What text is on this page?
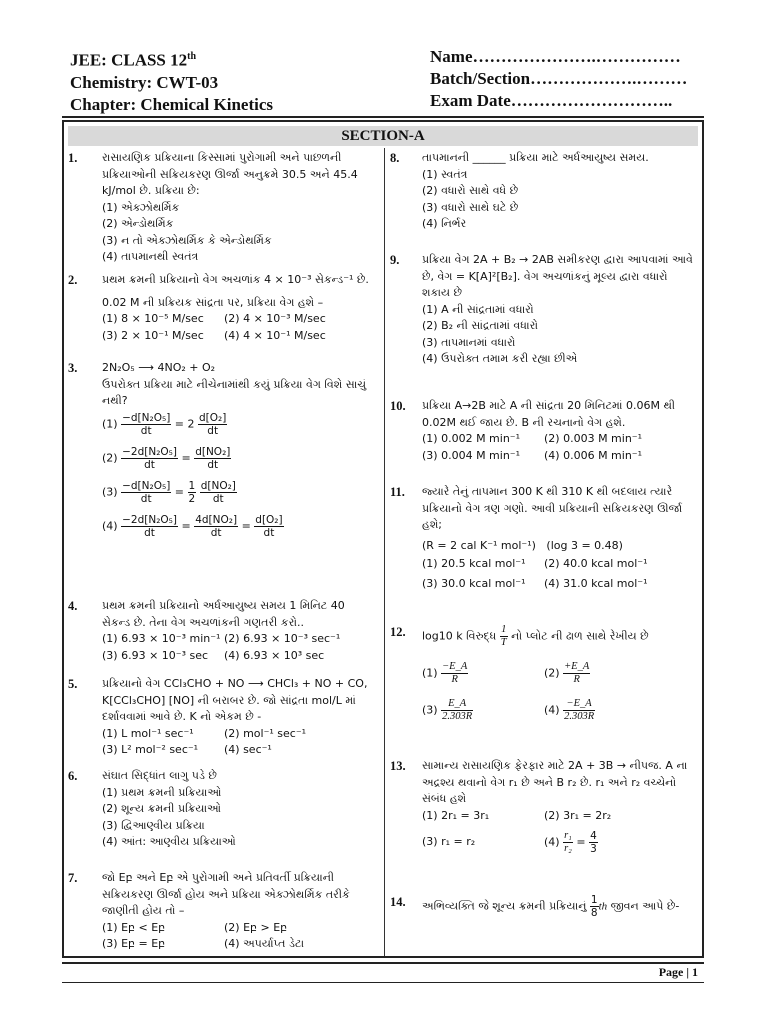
JEE: CLASS 12th
Chemistry: CWT-03
Chapter: Chemical Kinetics
Name………………….……………
Batch/Section……………….………
Exam Date………………………..
SECTION-A
1. રાસાયણિક પ્રક્રિયાના કિસ્સામાં પુરોગામી અને પાછળની પ્રક્રિયાઓની સક્રિયકરણ ઊર્જા અનુક્રમે 30.5 અને 45.4 kJ/mol છે. પ્રક્રિયા છે:
(1) એક્ઝોથર્મિક
(2) એન્ડોથર્મિક
(3) ન તો એક્ઝોથર્મિક કે એન્ડોથર્મિક
(4) તાપમાનથી સ્વતંત્ર
2. પ્રથમ ક્રમની પ્રક્રિયાનો વેગ અચળાંક 4 × 10⁻³ સેકન્ડ⁻¹ છે.
0.02 M ની પ્રક્રિયક સાંદ્રતા પર, પ્રક્રિયા વેગ હશે –
(1) 8 × 10⁻⁵ M/sec	(2) 4 × 10⁻³ M/sec
(3) 2 × 10⁻¹ M/sec	(4) 4 × 10⁻¹ M/sec
3. 2N₂O₅ ⟶ 4NO₂ + O₂
ઉપરોક્ત પ્રક્રિયા માટે નીચેનામાંથી કયું પ્રક્રિયા વેગ વિશે સાચું નથી?
$(1) \frac{\text{−d[N₂O₅]}}{dt} = 2 \frac{\text{d[O₂]}}{dt}$
$(2) \frac{\text{−2d[N₂O₅]}}{dt} = \frac{\text{d[NO₂]}}{dt}$
$(3) \frac{\text{−d[N₂O₅]}}{dt} = \frac{1}{2}$
$\frac{\text{d[NO₂]}}{dt}$
$(4) \frac{\text{−2d[N₂O₅]}}{dt} = \frac{\text{4d[NO₂]}}{dt} = \frac{\text{d[O₂]}}{dt}$
4. પ્રથમ ક્રમની પ્રક્રિયાનો અર્ધઆયુષ્ય સમય 1 મિનિટ 40 સેકન્ડ છે. તેના વેગ અચળાંકની ગણતરી કરો..
(1) 6.93 × 10⁻³ min⁻¹ (2) 6.93 × 10⁻³ sec⁻¹
(3) 6.93 × 10⁻³ sec	(4) 6.93 × 10³ sec
5. પ્રક્રિયાનો વેગ CCl₃CHO + NO ⟶ CHCl₃ + NO + CO, K[CCl₃CHO] [NO] ની બરાબર છે. જો સાંદ્રતા mol/L માં દર્શાવવામાં આવે છે. K નો એકમ છે -
(1) L mol⁻¹ sec⁻¹	(2) mol⁻¹ sec⁻¹
(3) L² mol⁻² sec⁻¹	(4) sec⁻¹
6. સંઘાત સિદ્ધાંત લાગુ પડે છે
(1) પ્રથમ ક્રમની પ્રક્રિયાઓ
(2) શૂન્ય ક્રમની પ્રક્રિયાઓ
(3) દ્વિઆણ્વીય પ્રક્રિયા
(4) આંત: આણ્વીય પ્રક્રિયાઓ
7. જો Eբ અને Eբ એ પુરોગામી અને પ્રતિવર્તી પ્રક્રિયાની સક્રિયકરણ ઊર્જા હોય અને પ્રક્રિયા એક્ઝોથર્મિક તરીકે જાણીતી હોય તો –
(1) Eբ < Eբ	(2) Eբ > Eբ
(3) Eբ = Eբ	(4) અપર્યાપ્ત ડેટા
8. તાપમાનની ______ પ્રક્રિયા માટે અર્ધઆયુષ્ય સમય.
(1) સ્વતંત્ર
(2) વધારો સાથે વધે છે
(3) વધારો સાથે ઘટે છે
(4) નિર્ભર
9. પ્રક્રિયા વેગ 2A + B₂ → 2AB સમીકરણ દ્વારા આપવામાં આવે છે, વેગ = K[A]²[B₂]. વેગ અચળાંકનું મૂલ્ય દ્વારા વધારો શકાય છે
(1) A ની સાંદ્રતામાં વધારો
(2) B₂ ની સાંદ્રતામાં વધારો
(3) તાપમાનમાં વધારો
(4) ઉપરોક્ત તમામ કરી રહ્યા છીએ
10. પ્રક્રિયા A→2B માટે A ની સાંદ્રતા 20 મિનિટમાં 0.06M થી 0.02M થઈ જાય છે. B ની રચનાનો વેગ હશે.
(1) 0.002 M min⁻¹	(2) 0.003 M min⁻¹
(3) 0.004 M min⁻¹	(4) 0.006 M min⁻¹
11. જ્યારે તેનું તાપમાન 300 K થી 310 K થી બદલાય ત્યારે પ્રક્રિયાનો વેગ ત્રણ ગણો. આવી પ્રક્રિયાની સક્રિયકરણ ઊર્જા હશે;
(R = 2 cal K⁻¹ mol⁻¹)   (log 3 = 0.48)
(1) 20.5 kcal mol⁻¹	(2) 40.0 kcal mol⁻¹
(3) 30.0 kcal mol⁻¹	(4) 31.0 kcal mol⁻¹
12. log10 k વિરુદ્ધ $\frac{1}{T}$ નો પ્લોટ ની ઢાળ સાથે રેખીય છે
$(1) \frac{-E\_A}{R}$	$(2) \frac{+E\_A}{R}$
$(3) \frac{E\_A}{2.303R}$	$(4) \frac{-E\_A}{2.303R}$
13. સામાન્ય રાસાયણિક ફેરફાર માટે 2A + 3B → નીપજ. A ના અદ્રશ્ય થવાનો વેગ r₁ છે અને B r₂ છે. r₁ અને r₂ વચ્ચેનો સંબંધ હશે
(1) 2r₁ = 3r₁	(2) 3r₁ = 2r₂
(3) r₁ = r₂	$(4) \frac{\text{r₁}}{\text{r₂}} = \frac{4}{3}$
14. અભિવ્યક્તિ જે શૂન્ય ક્રમની પ્રક્રિયાનું $\frac{1}{8}$ th જીવન આપે છે-
Page | 1
